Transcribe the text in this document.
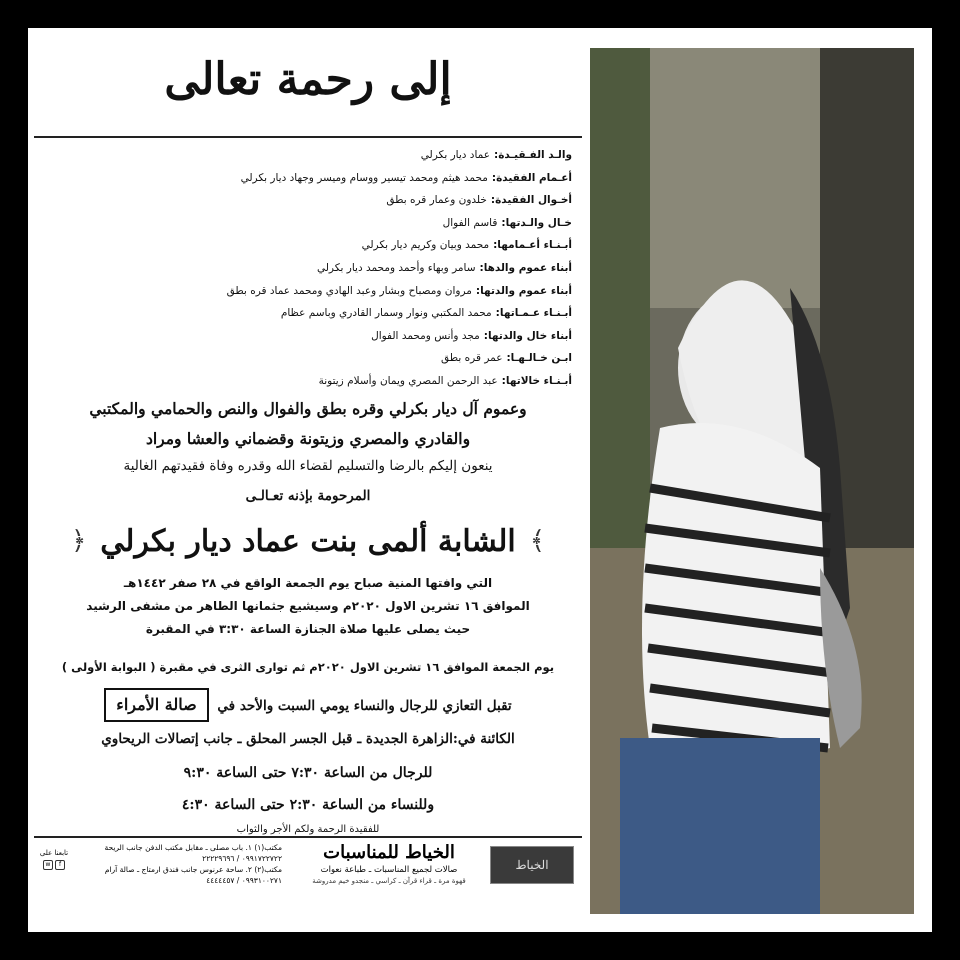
إلى رحمة تعالى
والـد الفـقيـدة:عماد ديار بكرلي
أعـمام الفقيدة:محمد هيثم ومحمد تيسير ووسام وميسر وجهاد ديار بكرلي
أخـوال الفقيدة:خلدون وعمار قره بطق
خـال والـدتها:قاسم الفوال
أبـنـاء أعـمامها:محمد وبيان وكريم ديار بكرلي
أبناء عموم والدها:سامر وبهاء وأحمد ومحمد ديار بكرلي
أبناء عموم والدتها:مروان ومصباح وبشار وعبد الهادي ومحمد عماد قره بطق
أبـنـاء عـمـاتها:محمد المكتبي ونوار وسمار القادري وباسم عظام
أبناء خال والدتها:مجد وأنس ومحمد الفوال
ابـن خـالـهـا:عمر قره بطق
أبـنـاء خالاتها:عبد الرحمن المصري ويمان وأسلام زيتونة
وعموم آل ديار بكرلي وقره بطق والفوال والنص والحمامي والمكتبي
والقادري والمصري وزيتونة وقضماني والعشا ومراد
ينعون إليكم بالرضا والتسليم لقضاء الله وقدره وفاة فقيدتهم الغالية
المرحومة بإذنه تعـالـى
﴾
الشابة ألمى بنت عماد ديار بكرلي
﴿
التي وافتها المنية صباح يوم الجمعة الواقع في ٢٨ صفر ١٤٤٢هـ
الموافق ١٦ تشرين الاول ٢٠٢٠م وسيشيع جثمانها الطاهر من مشفى الرشيد
حيث يصلى عليها صلاة الجنازة الساعة ٣:٣٠ في المقبرة
يوم الجمعة الموافق ١٦ تشرين الاول ٢٠٢٠م ثم توارى الثرى في مقبرة ( البوابة الأولى )
تقبل التعازي للرجال والنساء يومي السبت والأحد في صالة الأمراء
الكائنة في:الزاهرة الجديدة ـ قبل الجسر المحلق ـ جانب إتصالات الريحاوي
للرجال من الساعة ٧:٣٠ حتى الساعة ٩:٣٠
وللنساء من الساعة ٢:٣٠ حتى الساعة ٤:٣٠
للفقيدة الرحمة ولكم الأجر والثواب
الخياط
الخياط للمناسبات
صالات لجميع المناسبات ـ طباعة نعوات
قهوة مرة ـ قراء قرآن ـ كراسي ـ منجدو خيم مدروشة
مكتب(١) ١. باب مصلى ـ مقابل مكتب الدفن جانب الريحة
٠٩٩١٧٢٢٧٢٢ / ٢٢٢٢٩٦٩٦
مكتب(٢) ٢. ساحة عرنوس جانب فندق ارمتاج ـ صالة آرام
٠٩٩٣١٠٠٢٧١ / ٤٤٤٤٤٥٧
تابعنا على
fw
